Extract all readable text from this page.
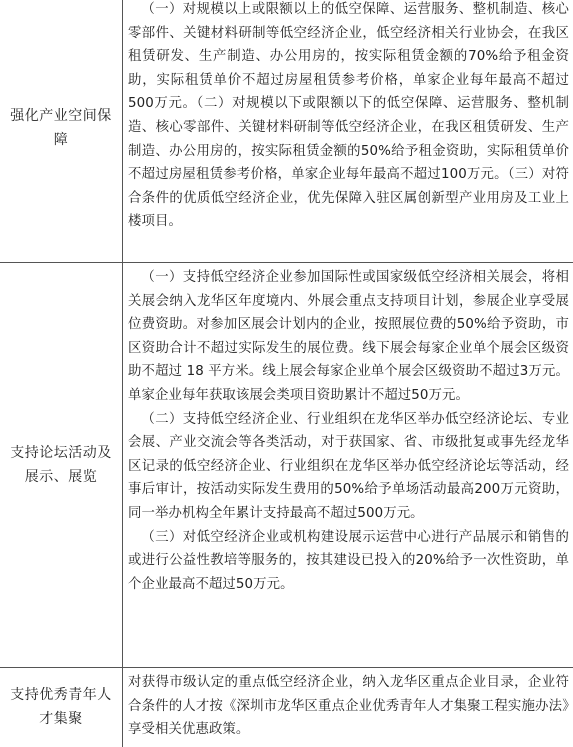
强化产业空间保障

（一）对规模以上或限额以上的低空保障、运营服务、整机制造、核心零部件、关键材料研制等低空经济企业，低空经济相关行业协会，在我区租赁研发、生产制造、办公用房的，按实际租赁金额的70%给予租金资助，实际租赁单价不超过房屋租赁参考价格，单家企业每年最高不超过500万元。（二）对规模以下或限额以下的低空保障、运营服务、整机制造、核心零部件、关键材料研制等低空经济企业，在我区租赁研发、生产制造、办公用房的，按实际租赁金额的50%给予租金资助，实际租赁单价不超过房屋租赁参考价格，单家企业每年最高不超过100万元。（三）对符合条件的优质低空经济企业，优先保障入驻区属创新型产业用房及工业上楼项目。

支持论坛活动及展示、展览

（一）支持低空经济企业参加国际性或国家级低空经济相关展会，将相关展会纳入龙华区年度境内、外展会重点支持项目计划，参展企业享受展位费资助。对参加区展会计划内的企业，按照展位费的50%给予资助，市区资助合计不超过实际发生的展位费。线下展会每家企业单个展会区级资助不超过 18 平方米。线上展会每家企业单个展会区级资助不超过3万元。单家企业每年获取该展会类项目资助累计不超过50万元。

（二）支持低空经济企业、行业组织在龙华区举办低空经济论坛、专业会展、产业交流会等各类活动，对于获国家、省、市级批复或事先经龙华区记录的低空经济企业、行业组织在龙华区举办低空经济论坛等活动，经事后审计，按活动实际发生费用的50%给予单场活动最高200万元资助，同一举办机构全年累计支持最高不超过500万元。

（三）对低空经济企业或机构建设展示运营中心进行产品展示和销售的或进行公益性教培等服务的，按其建设已投入的20%给予一次性资助，单个企业最高不超过50万元。

支持优秀青年人才集聚

对获得市级认定的重点低空经济企业，纳入龙华区重点企业目录，企业符合条件的人才按《深圳市龙华区重点企业优秀青年人才集聚工程实施办法》享受相关优惠政策。
